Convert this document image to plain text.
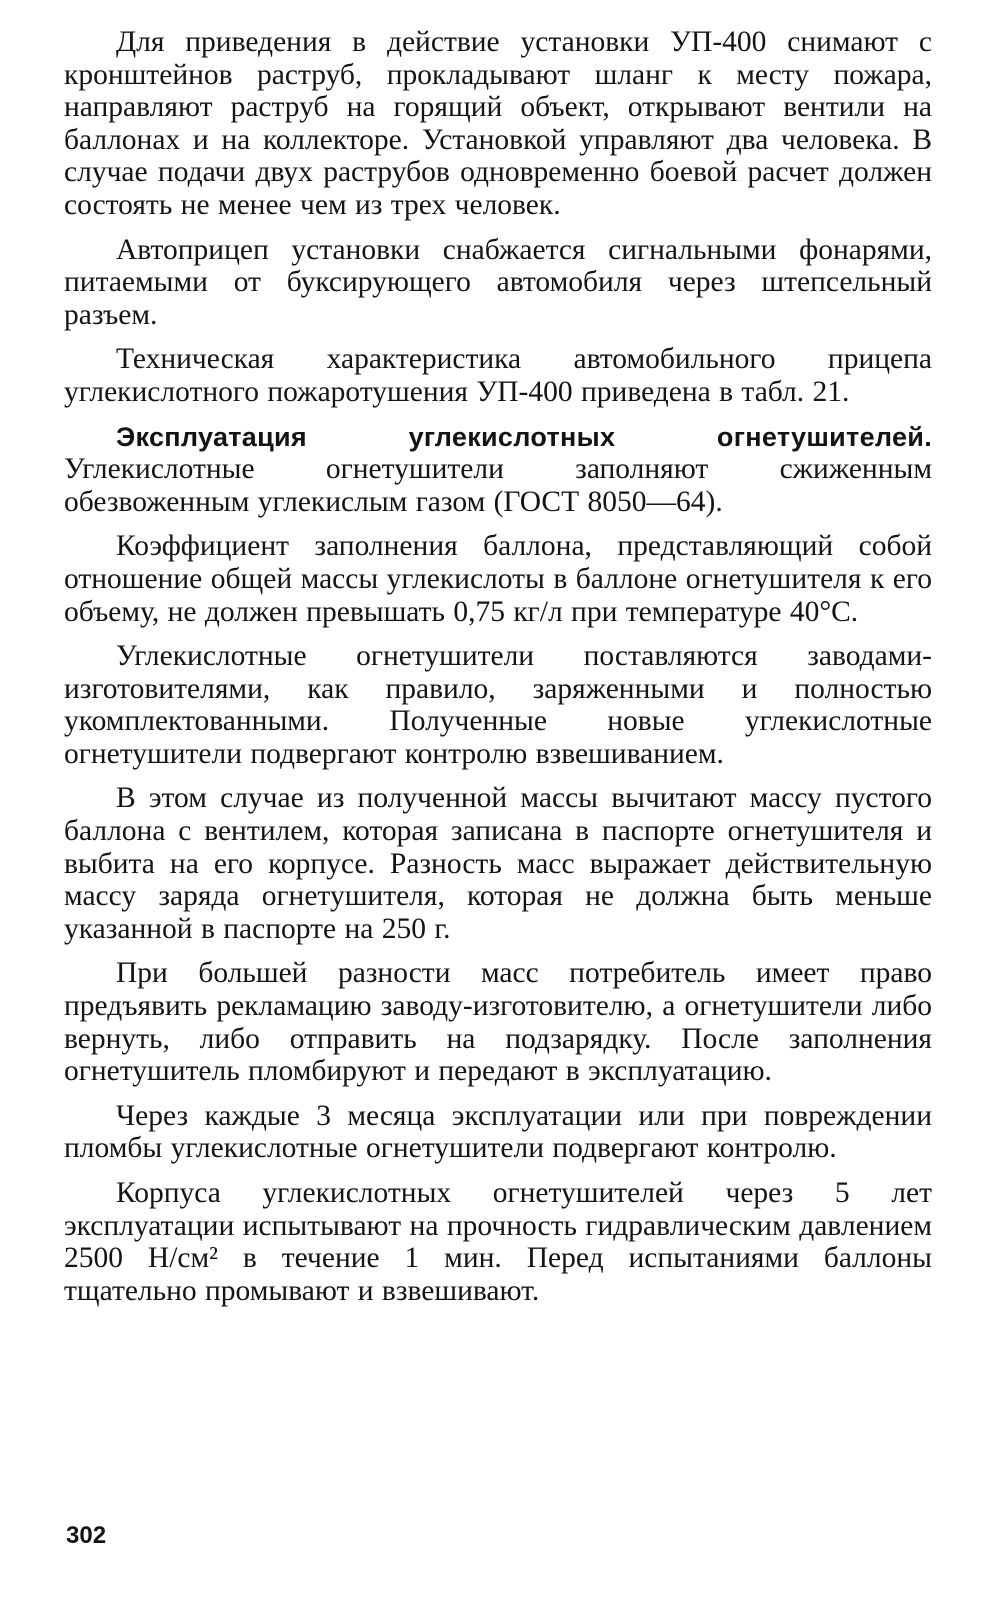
Для приведения в действие установки УП-400 снимают с кронштейнов раструб, прокладывают шланг к месту пожара, направляют раструб на горящий объект, открывают вентили на баллонах и на коллекторе. Установкой управляют два человека. В случае подачи двух раструбов одновременно боевой расчет должен состоять не менее чем из трех человек.

Автоприцеп установки снабжается сигнальными фонарями, питаемыми от буксирующего автомобиля через штепсельный разъем.

Техническая характеристика автомобильного прицепа углекислотного пожаротушения УП-400 приведена в табл. 21.

Эксплуатация углекислотных огнетушителей. Углекислотные огнетушители заполняют сжиженным обезвоженным углекислым газом (ГОСТ 8050—64).

Коэффициент заполнения баллона, представляющий собой отношение общей массы углекислоты в баллоне огнетушителя к его объему, не должен превышать 0,75 кг/л при температуре 40°С.

Углекислотные огнетушители поставляются заводами-изготовителями, как правило, заряженными и полностью укомплектованными. Полученные новые углекислотные огнетушители подвергают контролю взвешиванием.

В этом случае из полученной массы вычитают массу пустого баллона с вентилем, которая записана в паспорте огнетушителя и выбита на его корпусе. Разность масс выражает действительную массу заряда огнетушителя, которая не должна быть меньше указанной в паспорте на 250 г.

При большей разности масс потребитель имеет право предъявить рекламацию заводу-изготовителю, а огнетушители либо вернуть, либо отправить на подзарядку. После заполнения огнетушитель пломбируют и передают в эксплуатацию.

Через каждые 3 месяца эксплуатации или при повреждении пломбы углекислотные огнетушители подвергают контролю.

Корпуса углекислотных огнетушителей через 5 лет эксплуатации испытывают на прочность гидравлическим давлением 2500 Н/см² в течение 1 мин. Перед испытаниями баллоны тщательно промывают и взвешивают.

302
